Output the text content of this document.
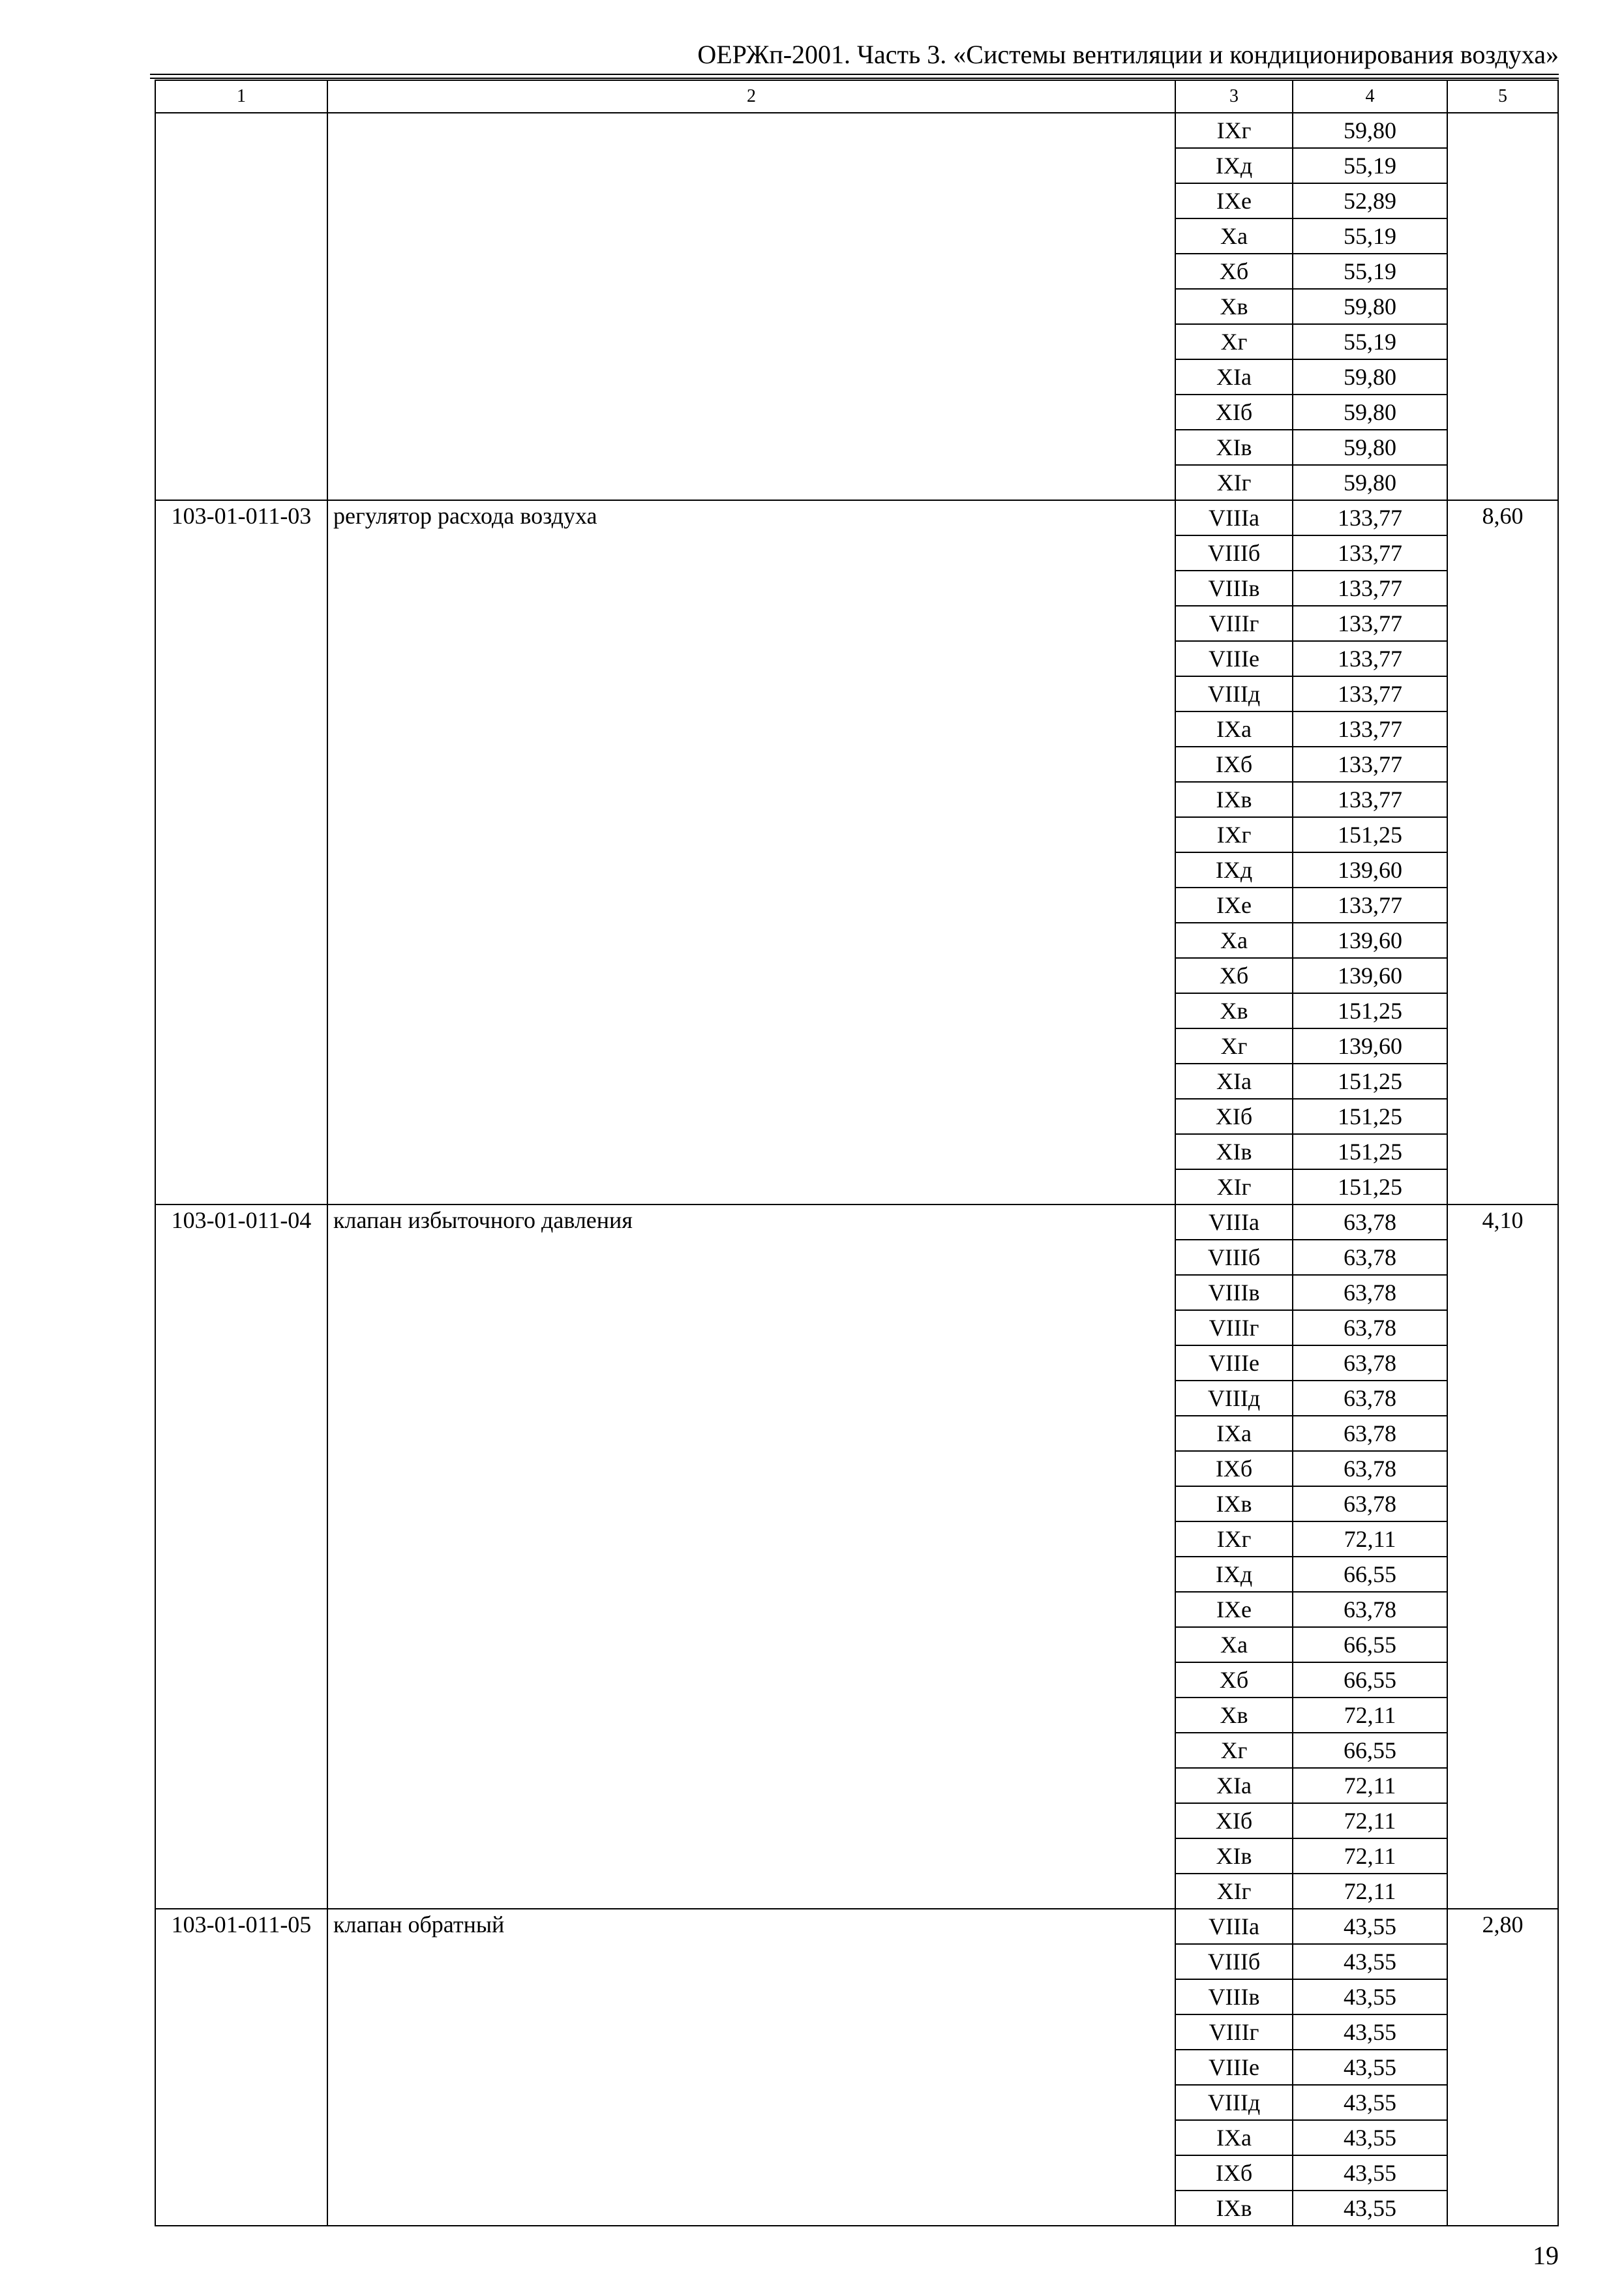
ОЕРЖп-2001. Часть 3. «Системы вентиляции и кондиционирования воздуха»
1	2	3	4	5
		IXг	59,80	
		IXд	55,19	
		IXе	52,89	
		Xа	55,19	
		Xб	55,19	
		Xв	59,80	
		Xг	55,19	
		XIа	59,80	
		XIб	59,80	
		XIв	59,80	
		XIг	59,80	
103-01-011-03	регулятор расхода воздуха	VIIIа	133,77	8,60
		VIIIб	133,77	
		VIIIв	133,77	
		VIIIг	133,77	
		VIIIе	133,77	
		VIIIд	133,77	
		IXа	133,77	
		IXб	133,77	
		IXв	133,77	
		IXг	151,25	
		IXд	139,60	
		IXе	133,77	
		Xа	139,60	
		Xб	139,60	
		Xв	151,25	
		Xг	139,60	
		XIа	151,25	
		XIб	151,25	
		XIв	151,25	
		XIг	151,25	
103-01-011-04	клапан избыточного давления	VIIIа	63,78	4,10
		VIIIб	63,78	
		VIIIв	63,78	
		VIIIг	63,78	
		VIIIе	63,78	
		VIIIд	63,78	
		IXа	63,78	
		IXб	63,78	
		IXв	63,78	
		IXг	72,11	
		IXд	66,55	
		IXе	63,78	
		Xа	66,55	
		Xб	66,55	
		Xв	72,11	
		Xг	66,55	
		XIа	72,11	
		XIб	72,11	
		XIв	72,11	
		XIг	72,11	
103-01-011-05	клапан обратный	VIIIа	43,55	2,80
		VIIIб	43,55	
		VIIIв	43,55	
		VIIIг	43,55	
		VIIIе	43,55	
		VIIIд	43,55	
		IXа	43,55	
		IXб	43,55	
		IXв	43,55	
19
